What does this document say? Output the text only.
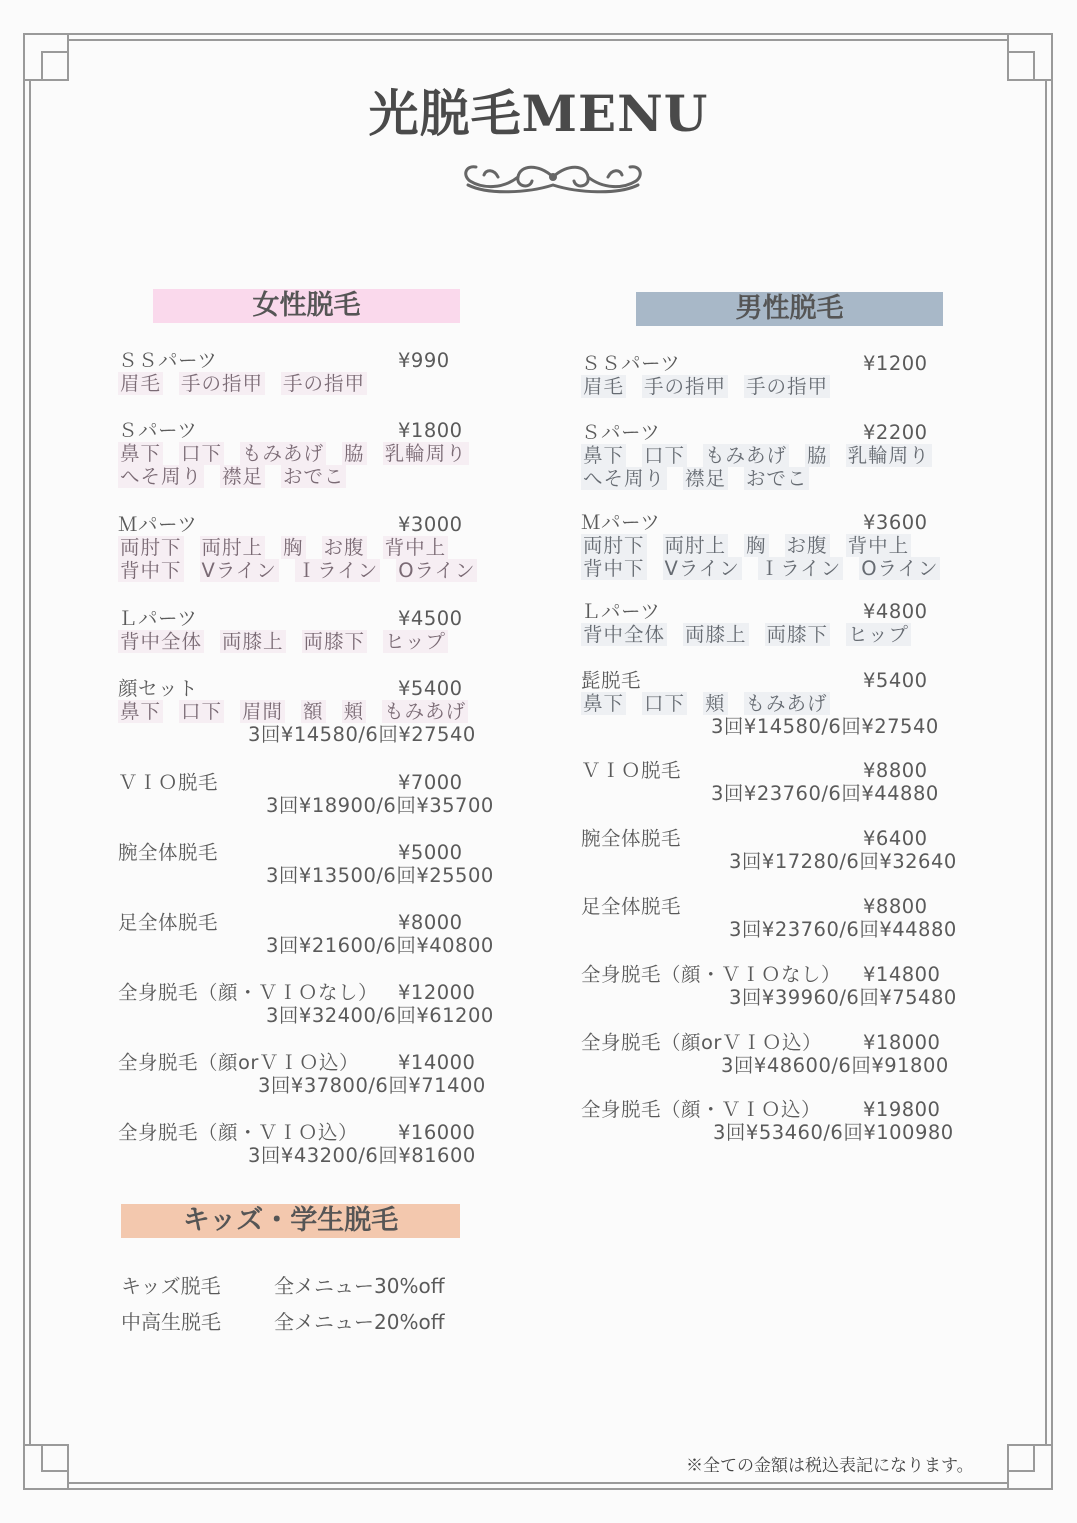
光脱毛MENU
女性脱毛	男性脱毛
キッズ・学生脱毛
ＳＳパーツ	¥990
眉毛 手の指甲 手の指甲
Ｓパーツ	¥1800
鼻下 口下 もみあげ 脇 乳輪周り
へそ周り 襟足 おでこ
Ｍパーツ	¥3000
両肘下 両肘上 胸 お腹 背中上
背中下 Vライン Ｉライン Oライン
Ｌパーツ	¥4500
背中全体 両膝上 両膝下 ヒップ
顔セット	¥5400
鼻下 口下 眉間 額 頬 もみあげ
3回¥14580/6回¥27540
ＶＩＯ脱毛	¥7000
3回¥18900/6回¥35700
腕全体脱毛	¥5000
3回¥13500/6回¥25500
足全体脱毛	¥8000
3回¥21600/6回¥40800
全身脱毛（顔・ＶＩＯなし） ¥12000
3回¥32400/6回¥61200
全身脱毛（顔orＶＩＯ込） ¥14000
3回¥37800/6回¥71400
全身脱毛（顔・ＶＩＯ込） ¥16000
3回¥43200/6回¥81600
ＳＳパーツ	¥1200
眉毛 手の指甲 手の指甲
Ｓパーツ	¥2200
鼻下 口下 もみあげ 脇 乳輪周り
へそ周り 襟足 おでこ
Ｍパーツ	¥3600
両肘下 両肘上 胸 お腹 背中上
背中下 Vライン Ｉライン Oライン
Ｌパーツ	¥4800
背中全体 両膝上 両膝下 ヒップ
髭脱毛	¥5400
鼻下 口下 頬 もみあげ
3回¥14580/6回¥27540
ＶＩＯ脱毛	¥8800
3回¥23760/6回¥44880
腕全体脱毛	¥6400
3回¥17280/6回¥32640
足全体脱毛	¥8800
3回¥23760/6回¥44880
全身脱毛（顔・ＶＩＯなし） ¥14800
3回¥39960/6回¥75480
全身脱毛（顔orＶＩＯ込） ¥18000
3回¥48600/6回¥91800
全身脱毛（顔・ＶＩＯ込） ¥19800
3回¥53460/6回¥100980
キッズ脱毛	全メニュー30%off
中高生脱毛	全メニュー20%off
※全ての金額は税込表記になります。
